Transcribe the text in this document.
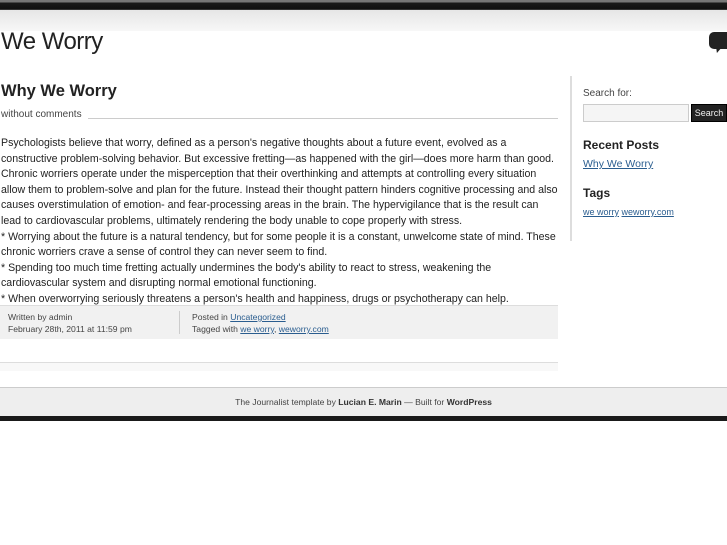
We Worry
Why We Worry
without comments

Psychologists believe that worry, defined as a person's negative thoughts about a future event, evolved as a constructive problem-solving behavior. But excessive fretting—as happened with the girl—does more harm than good. Chronic worriers operate under the misperception that their overthinking and attempts at controlling every situation allow them to problem-solve and plan for the future. Instead their thought pattern hinders cognitive processing and also causes overstimulation of emotion- and fear-processing areas in the brain. The hypervigilance that is the result can lead to cardiovascular problems, ultimately rendering the body unable to cope properly with stress.

* Worrying about the future is a natural tendency, but for some people it is a constant, unwelcome state of mind. These chronic worriers crave a sense of control they can never seem to find.

* Spending too much time fretting actually undermines the body's ability to react to stress, weakening the cardiovascular system and disrupting normal emotional functioning.

* When overworrying seriously threatens a person's health and happiness, drugs or psychotherapy can help.

Written by admin
February 28th, 2011 at 11:59 pm
Posted in Uncategorized
Tagged with we worry, weworry.com
Search for:
Search
Recent Posts
Why We Worry
Tags
we worry weworry.com
The Journalist template by Lucian E. Marin — Built for WordPress
